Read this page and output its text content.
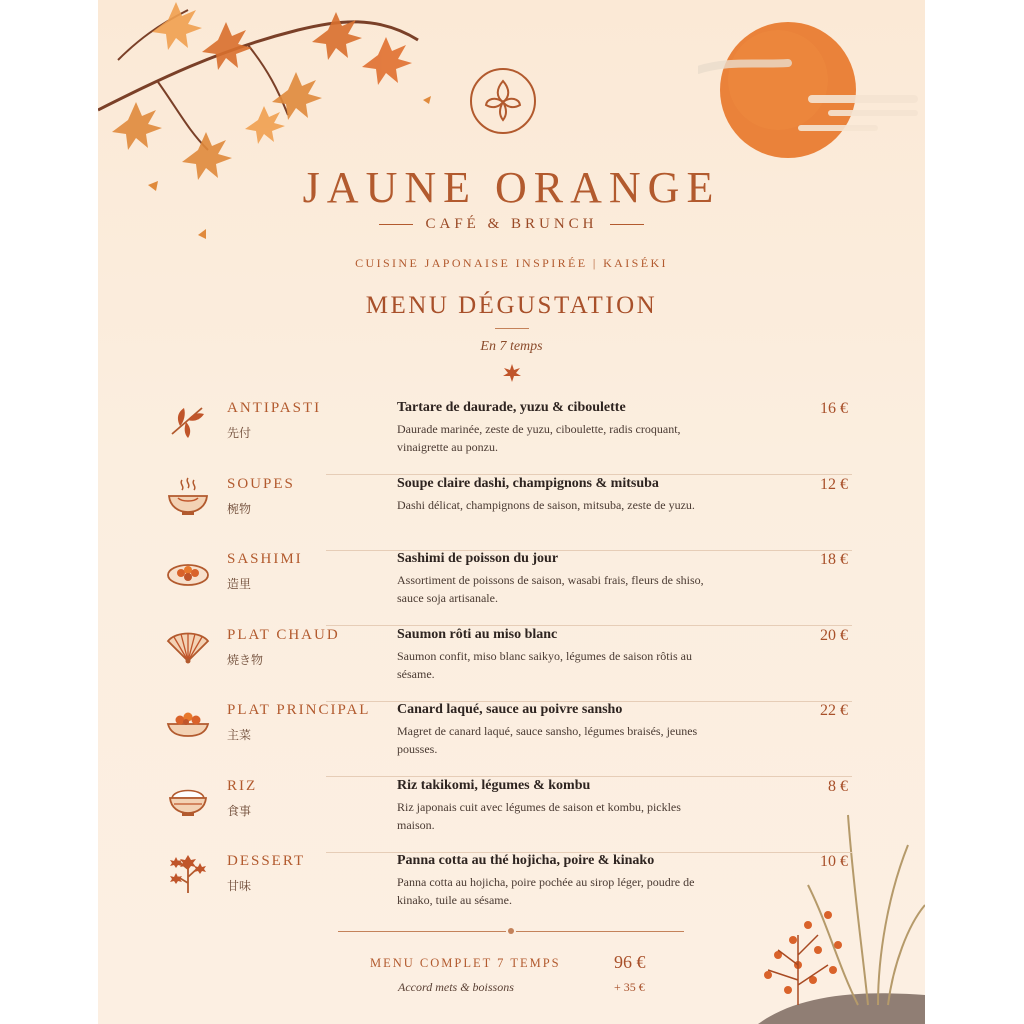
JAUNE ORANGE
CAFÉ & BRUNCH
CUISINE JAPONAISE INSPIRÉE | KAISÉKI
MENU DÉGUSTATION
En 7 temps
ANTIPASTI
先付
Tartare de daurade, yuzu & ciboulette
Daurade marinée, zeste de yuzu, ciboulette, radis croquant, vinaigrette au ponzu.
16 €
SOUPES
椀物
Soupe claire dashi, champignons & mitsuba
Dashi délicat, champignons de saison, mitsuba, zeste de yuzu.
12 €
SASHIMI
造里
Sashimi de poisson du jour
Assortiment de poissons de saison, wasabi frais, fleurs de shiso, sauce soja artisanale.
18 €
PLAT CHAUD
焼き物
Saumon rôti au miso blanc
Saumon confit, miso blanc saikyo, légumes de saison rôtis au sésame.
20 €
PLAT PRINCIPAL
主菜
Canard laqué, sauce au poivre sansho
Magret de canard laqué, sauce sansho, légumes braisés, jeunes pousses.
22 €
RIZ
食事
Riz takikomi, légumes & kombu
Riz japonais cuit avec légumes de saison et kombu, pickles maison.
8 €
DESSERT
甘味
Panna cotta au thé hojicha, poire & kinako
Panna cotta au hojicha, poire pochée au sirop léger, poudre de kinako, tuile au sésame.
10 €
MENU COMPLET 7 TEMPS	96 €
Accord mets & boissons	+ 35 €
